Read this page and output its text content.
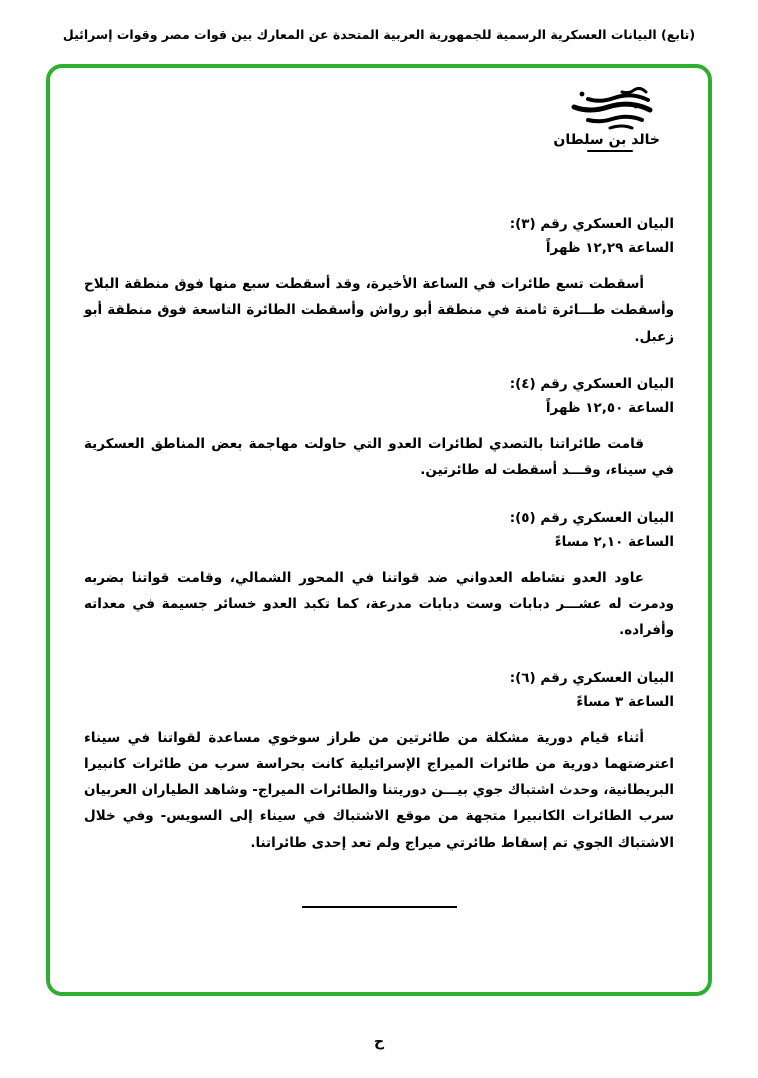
(تابع) البيانات العسكرية الرسمية للجمهورية العربية المتحدة عن المعارك بين قوات مصر وقوات إسرائيل
خالد بن سلطان

البيان العسكري رقم (٣):

الساعة ١٢,٢٩ ظهراً

أسقطت تسع طائرات في الساعة الأخيرة، وقد أسقطت سبع منها فوق منطقة البلاح وأسقطت طـــائرة ثامنة في منطقة أبو رواش وأسقطت الطائرة التاسعة فوق منطقة أبو زعبل.

البيان العسكري رقم (٤):

الساعة ١٢,٥٠ ظهراً

قامت طائراتنا بالتصدي لطائرات العدو التي حاولت مهاجمة بعض المناطق العسكرية في سيناء، وقـــد أسقطت له طائرتين.

البيان العسكري رقم (٥):

الساعة ٢,١٠ مساءً

عاود العدو نشاطه العدواني ضد قواتنا في المحور الشمالي، وقامت قواتنا بضربه ودمرت له عشـــر دبابات وست دبابات مدرعة، كما تكبد العدو خسائر جسيمة في معداته وأفراده.

البيان العسكري رقم (٦):

الساعة ٣ مساءً

أثناء قيام دورية مشكلة من طائرتين من طراز سوخوي مساعدة لقواتنا في سيناء اعترضتهما دورية من طائرات الميراج الإسرائيلية كانت بحراسة سرب من طائرات كانبيرا البريطانية، وحدث اشتباك جوي بيـــن دوريتنا والطائرات الميراج- وشاهد الطياران العربيان سرب الطائرات الكانبيرا متجهة من موقع الاشتباك في سيناء إلى السويس- وفي خلال الاشتباك الجوي تم إسقاط طائرتي ميراج ولم تعد إحدى طائراتنا.

ح
